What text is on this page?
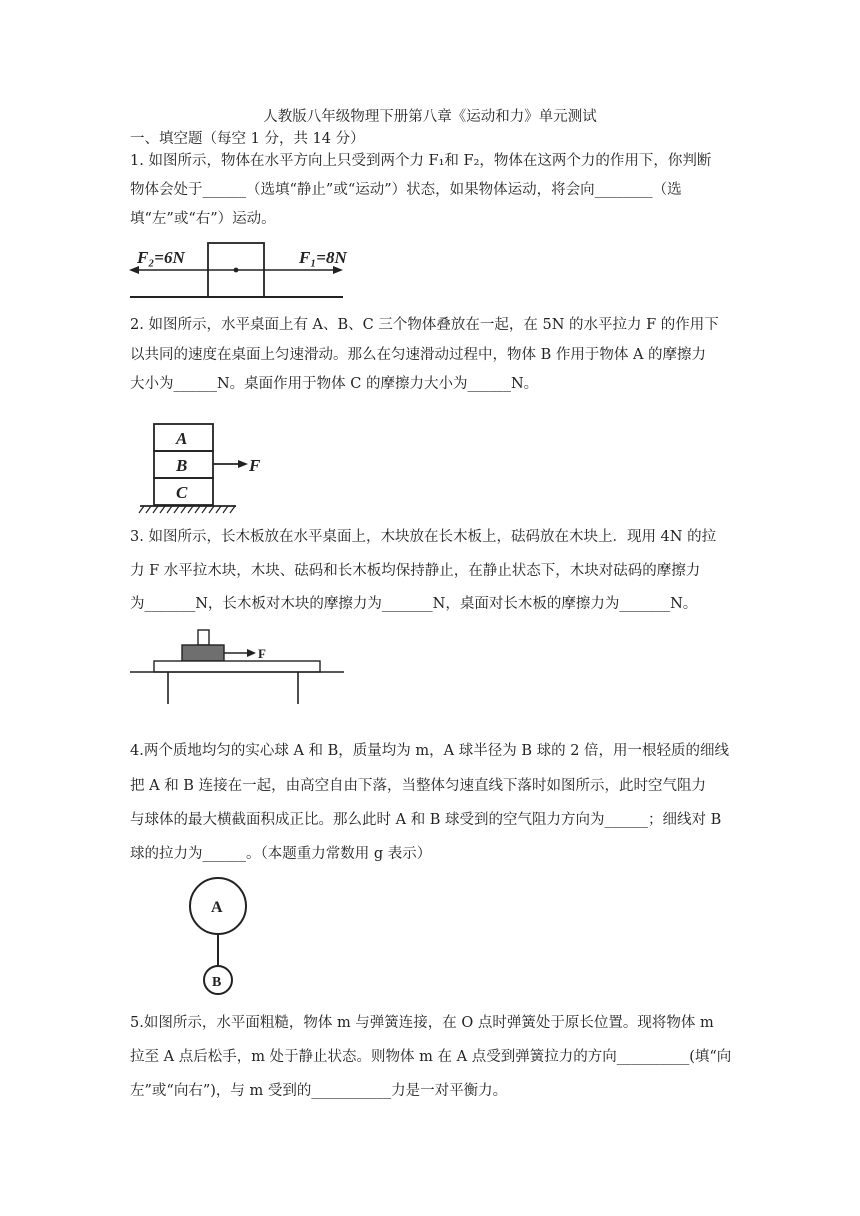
人教版八年级物理下册第八章《运动和力》单元测试
一、填空题（每空 1 分，共 14 分）
1. 如图所示，物体在水平方向上只受到两个力 F₁和 F₂，物体在这两个力的作用下，你判断
物体会处于______（选填“静止”或“运动”）状态，如果物体运动，将会向________（选
填“左”或“右”）运动。
F₂=6N	F₁=8N
2. 如图所示，水平桌面上有 A、B、C 三个物体叠放在一起，在 5N 的水平拉力 F 的作用下
以共同的速度在桌面上匀速滑动。那么在匀速滑动过程中，物体 B 作用于物体 A 的摩擦力
大小为______N。桌面作用于物体 C 的摩擦力大小为______N。
A
B
C
F
3. 如图所示，长木板放在水平桌面上，木块放在长木板上，砝码放在木块上．现用 4N 的拉
力 F 水平拉木块，木块、砝码和长木板均保持静止，在静止状态下，木块对砝码的摩擦力
为_______N，长木板对木块的摩擦力为_______N，桌面对长木板的摩擦力为_______N。
F
4.两个质地均匀的实心球 A 和 B，质量均为 m，A 球半径为 B 球的 2 倍，用一根轻质的细线
把 A 和 B 连接在一起，由高空自由下落，当整体匀速直线下落时如图所示，此时空气阻力
与球体的最大横截面积成正比。那么此时 A 和 B 球受到的空气阻力方向为______；细线对 B
球的拉力为______。（本题重力常数用 g 表示）
A
B
5.如图所示，水平面粗糙，物体 m 与弹簧连接，在 O 点时弹簧处于原长位置。现将物体 m
拉至 A 点后松手，m 处于静止状态。则物体 m 在 A 点受到弹簧拉力的方向__________(填“向
左”或“向右”)，与 m 受到的___________力是一对平衡力。
